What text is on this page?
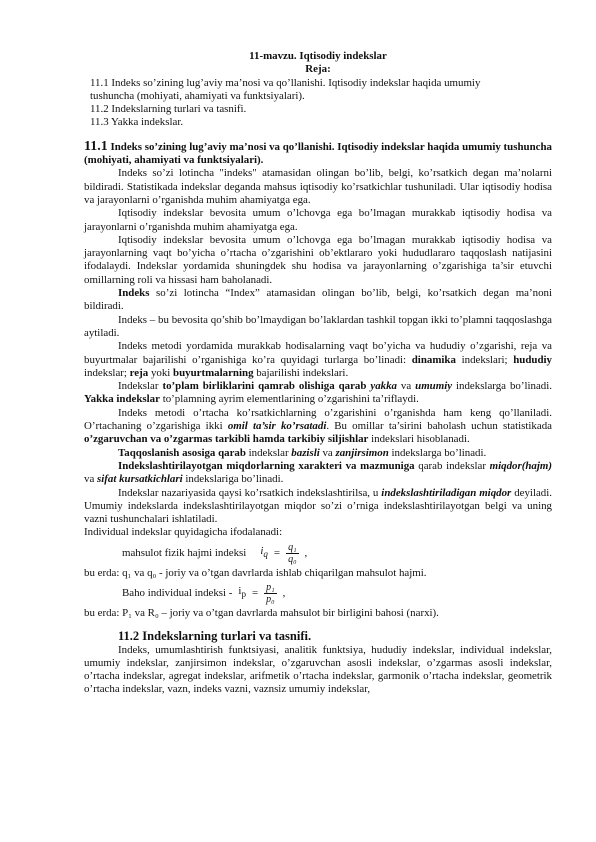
11-mavzu. Iqtisodiy indekslar
Reja:
11.1 Indeks so’zining lug’aviy ma’nosi va qo’llanishi. Iqtisodiy indekslar haqida umumiy
tushuncha (mohiyati, ahamiyati va funktsiyalari).
11.2 Indekslarning turlari va tasnifi.
11.3 Yakka indekslar.
11.1 Indeks so’zining lug’aviy ma’nosi va qo’llanishi. Iqtisodiy indekslar haqida umumiy tushuncha (mohiyati, ahamiyati va funktsiyalari).

Indeks so’zi lotincha "indeks" atamasidan olingan bo’lib, belgi, ko’rsatkich degan ma’nolarni bildiradi. Statistikada indekslar deganda mahsus iqtisodiy ko’rsatkichlar tushuniladi. Ular iqtisodiy hodisa va jarayonlarni o’rganishda muhim ahamiyatga ega.

Iqtisodiy indekslar bevosita umum o’lchovga ega bo’lmagan murakkab iqtisodiy hodisa va jarayonlarni o’rganishda muhim ahamiyatga ega.

Iqtisodiy indekslar bevosita umum o’lchovga ega bo’lmagan murakkab iqtisodiy hodisa va jarayonlarning vaqt bo’yicha o’rtacha o’zgarishini ob’ektlararo yoki hududlararo taqqoslash natijasini ifodalaydi. Indekslar yordamida shuningdek shu hodisa va jarayonlarning o’zgarishiga ta’sir etuvchi omillarning roli va hissasi ham baholanadi.

Indeks so’zi lotincha “Index” atamasidan olingan bo’lib, belgi, ko’rsatkich degan ma’noni bildiradi.

Indeks – bu bevosita qo’shib bo’lmaydigan bo’laklardan tashkil topgan ikki to’plamni taqqoslashga aytiladi.

Indeks metodi yordamida murakkab hodisalarning vaqt bo’yicha va hududiy o’zgarishi, reja va buyurtmalar bajarilishi o’rganishiga ko’ra quyidagi turlarga bo’linadi: dinamika indekslari; hududiy indekslar; reja yoki buyurtmalarning bajarilishi indekslari.

Indekslar to’plam birliklarini qamrab olishiga qarab yakka va umumiy indekslarga bo’linadi. Yakka indekslar to’plamning ayrim elementlarining o’zgarishini ta’riflaydi.

Indeks metodi o’rtacha ko’rsatkichlarning o’zgarishini o’rganishda ham keng qo’llaniladi. O’rtachaning o’zgarishiga ikki omil ta’sir ko’rsatadi. Bu omillar ta’sirini baholash uchun statistikada o’zgaruvchan va o’zgarmas tarkibli hamda tarkibiy siljishlar indekslari hisoblanadi.

Taqqoslanish asosiga qarab indekslar bazisli va zanjirsimon indekslarga bo’linadi.

Indekslashtirilayotgan miqdorlarning xarakteri va mazmuniga qarab indekslar miqdor(hajm) va sifat kursatkichlari indekslariga bo’linadi.

Indekslar nazariyasida qaysi ko’rsatkich indekslashtirilsa, u indekslashtiriladigan miqdor deyiladi. Umumiy indekslarda indekslashtirilayotgan miqdor so’zi o’rniga indekslashtirilayotgan belgi va uning vazni tushunchalari ishlatiladi.

Individual indekslar quyidagicha ifodalanadi:

mahsulot fizik hajmi indeksi $i_q = \frac{\text{q₁}}{\text{q₀}}$ ,

bu erda: q₁ va q₀ - joriy va o’tgan davrlarda ishlab chiqarilgan mahsulot hajmi.

Baho individual indeksi - $i_p = \frac{\text{p₁}}{\text{p₀}}$ ,

bu erda: P₁ va R₀ – joriy va o’tgan davrlarda mahsulot bir birligini bahosi (narxi).

11.2 Indekslarning turlari va tasnifi.

Indeks, umumlashtirish funktsiyasi, analitik funktsiya, hududiy indekslar, individual indekslar, umumiy indekslar, zanjirsimon indekslar, o’zgaruvchan asosli indekslar, o’zgarmas asosli indekslar, o’rtacha indekslar, agregat indekslar, arifmetik o’rtacha indekslar, garmonik o’rtacha indekslar, geometrik o’rtacha indekslar, vazn, indeks vazni, vaznsiz umumiy indekslar,
